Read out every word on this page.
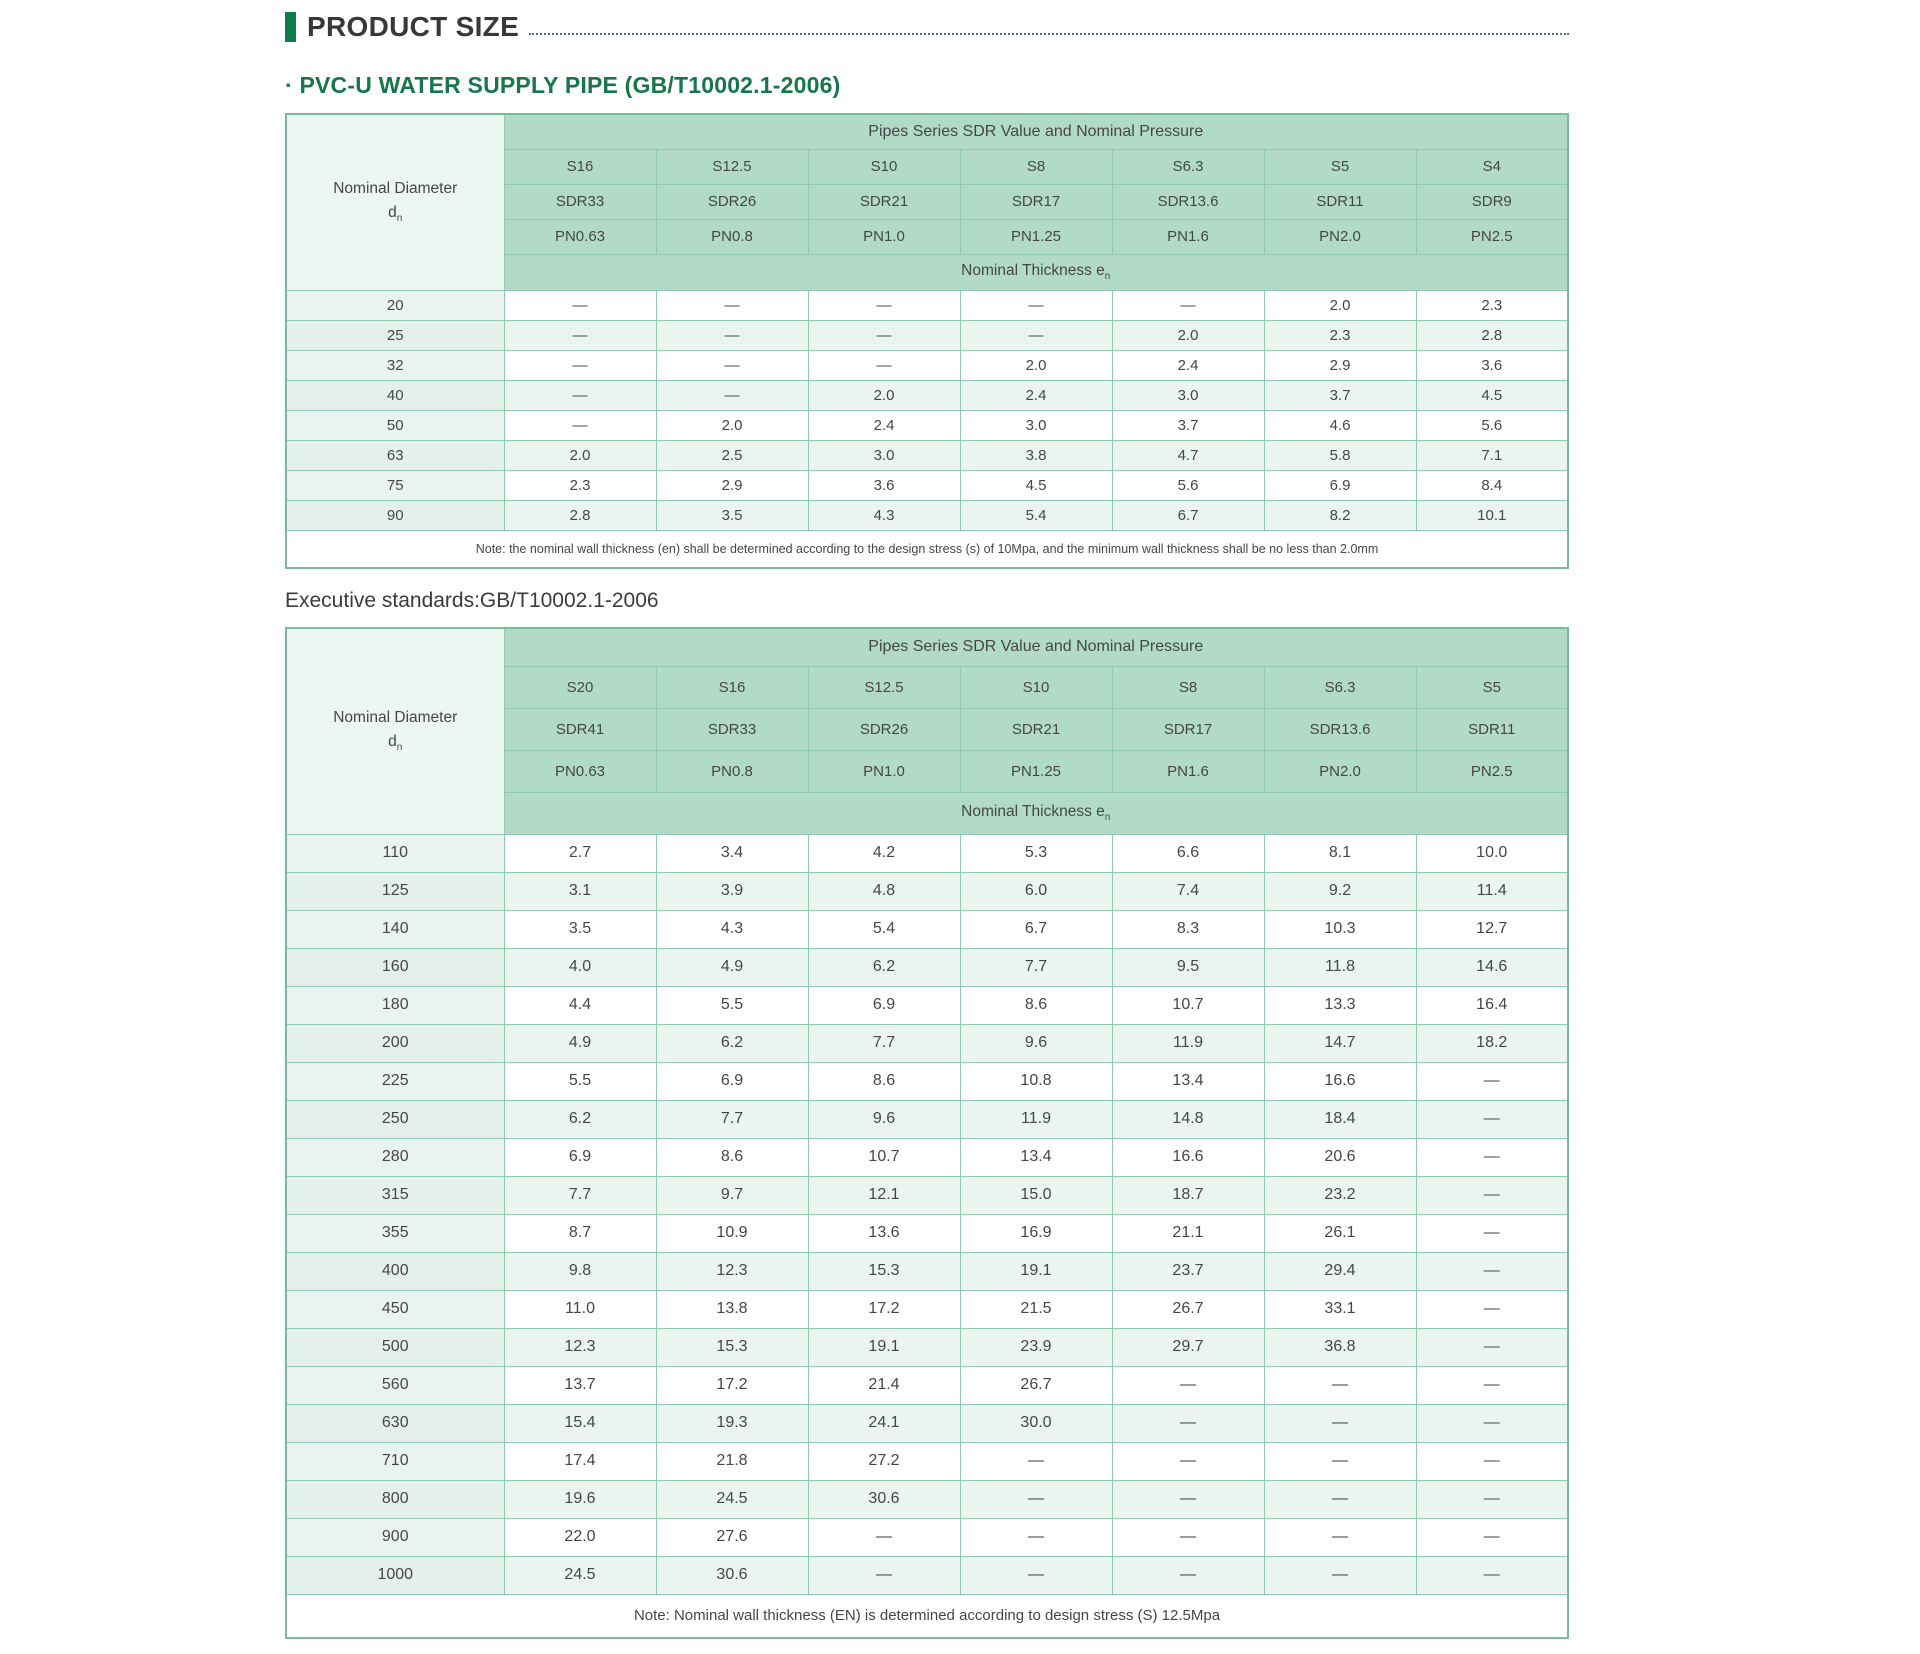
PRODUCT SIZE
· PVC-U WATER SUPPLY PIPE (GB/T10002.1-2006)
Nominal Diameter
$d_n$	Pipes Series SDR Value and Nominal Pressure						
	S16	S12.5	S10	S8	S6.3	S5	S4
	SDR33	SDR26	SDR21	SDR17	SDR13.6	SDR11	SDR9
	PN0.63	PN0.8	PN1.0	PN1.25	PN1.6	PN2.0	PN2.5
	Nominal Thickness $e_n$
20	—	—	—	—	—	2.0	2.3
25	—	—	—	—	2.0	2.3	2.8
32	—	—	—	2.0	2.4	2.9	3.6
40	—	—	2.0	2.4	3.0	3.7	4.5
50	—	2.0	2.4	3.0	3.7	4.6	5.6
63	2.0	2.5	3.0	3.8	4.7	5.8	7.1
75	2.3	2.9	3.6	4.5	5.6	6.9	8.4
90	2.8	3.5	4.3	5.4	6.7	8.2	10.1
Note: the nominal wall thickness (en) shall be determined according to the design stress (s) of 10Mpa, and the minimum wall thickness shall be no less than 2.0mm							

Executive standards:GB/T10002.1-2006

Nominal Diameter
$d_n$	Pipes Series SDR Value and Nominal Pressure						
	S20	S16	S12.5	S10	S8	S6.3	S5
	SDR41	SDR33	SDR26	SDR21	SDR17	SDR13.6	SDR11
	PN0.63	PN0.8	PN1.0	PN1.25	PN1.6	PN2.0	PN2.5
	Nominal Thickness $e_n$
110	2.7	3.4	4.2	5.3	6.6	8.1	10.0
125	3.1	3.9	4.8	6.0	7.4	9.2	11.4
140	3.5	4.3	5.4	6.7	8.3	10.3	12.7
160	4.0	4.9	6.2	7.7	9.5	11.8	14.6
180	4.4	5.5	6.9	8.6	10.7	13.3	16.4
200	4.9	6.2	7.7	9.6	11.9	14.7	18.2
225	5.5	6.9	8.6	10.8	13.4	16.6	—
250	6.2	7.7	9.6	11.9	14.8	18.4	—
280	6.9	8.6	10.7	13.4	16.6	20.6	—
315	7.7	9.7	12.1	15.0	18.7	23.2	—
355	8.7	10.9	13.6	16.9	21.1	26.1	—
400	9.8	12.3	15.3	19.1	23.7	29.4	—
450	11.0	13.8	17.2	21.5	26.7	33.1	—
500	12.3	15.3	19.1	23.9	29.7	36.8	—
560	13.7	17.2	21.4	26.7	—	—	—
630	15.4	19.3	24.1	30.0	—	—	—
710	17.4	21.8	27.2	—	—	—	—
800	19.6	24.5	30.6	—	—	—	—
900	22.0	27.6	—	—	—	—	—
1000	24.5	30.6	—	—	—	—	—
Note: Nominal wall thickness (EN) is determined according to design stress (S) 12.5Mpa							
